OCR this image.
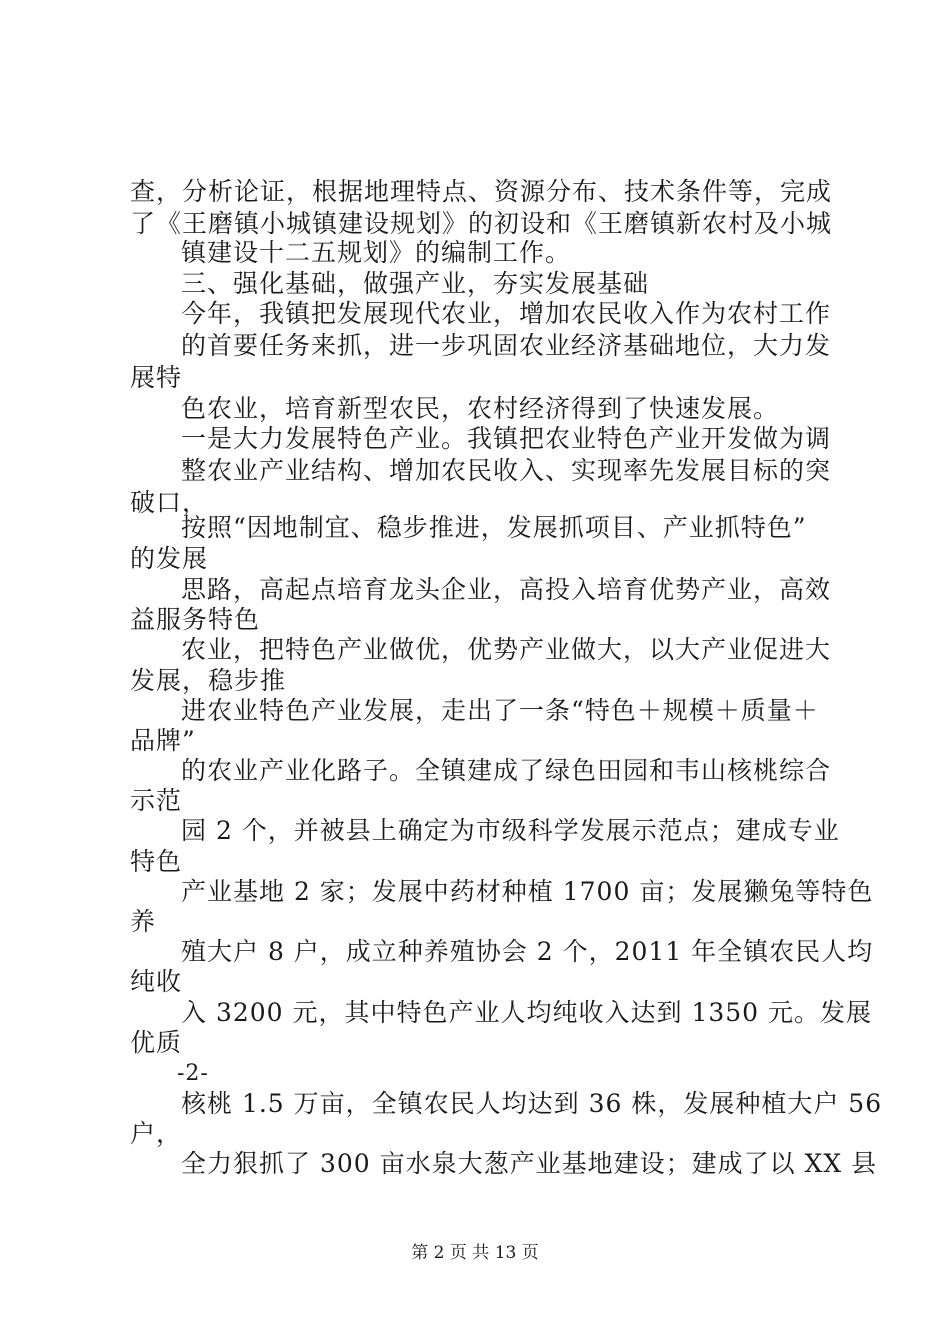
查，分析论证，根据地理特点、资源分布、技术条件等，完成
了《王磨镇小城镇建设规划》的初设和《王磨镇新农村及小城
镇建设十二五规划》的编制工作。
三、强化基础，做强产业，夯实发展基础
今年，我镇把发展现代农业，增加农民收入作为农村工作
的首要任务来抓，进一步巩固农业经济基础地位，大力发
展特
色农业，培育新型农民，农村经济得到了快速发展。
一是大力发展特色产业。我镇把农业特色产业开发做为调
整农业产业结构、增加农民收入、实现率先发展目标的突
破口，
按照“因地制宜、稳步推进，发展抓项目、产业抓特色”
的发展
思路，高起点培育龙头企业，高投入培育优势产业，高效
益服务特色
农业，把特色产业做优，优势产业做大，以大产业促进大
发展，稳步推
进农业特色产业发展，走出了一条“特色＋规模＋质量＋
品牌”
的农业产业化路子。全镇建成了绿色田园和韦山核桃综合
示范
园 2 个，并被县上确定为市级科学发展示范点；建成专业
特色
产业基地 2 家；发展中药材种植 1700 亩；发展獭兔等特色
养
殖大户 8 户，成立种养殖协会 2 个，2011 年全镇农民人均
纯收
入 3200 元，其中特色产业人均纯收入达到 1350 元。发展
优质
-2-
核桃 1.5 万亩，全镇农民人均达到 36 株，发展种植大户 56
户，
全力狠抓了 300 亩水泉大葱产业基地建设；建成了以 XX 县
第 2 页 共 13 页
